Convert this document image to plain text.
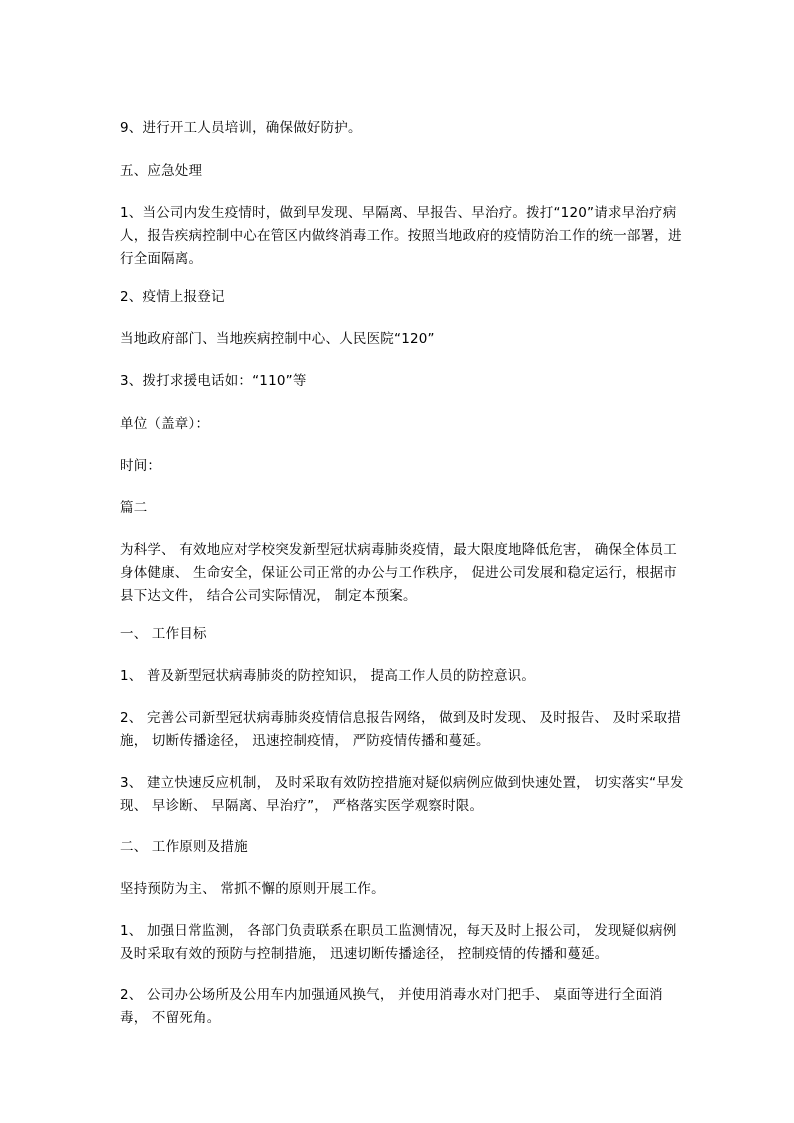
9、进行开工人员培训，确保做好防护。

五、应急处理

1、当公司内发生疫情时，做到早发现、早隔离、早报告、早治疗。拨打“120”请求早治疗病人，报告疾病控制中心在管区内做终消毒工作。按照当地政府的疫情防治工作的统一部署，进行全面隔离。

2、疫情上报登记

当地政府部门、当地疾病控制中心、人民医院“120”

3、拨打求援电话如：“110”等

单位（盖章）：

时间：

篇二

为科学、 有效地应对学校突发新型冠状病毒肺炎疫情，最大限度地降低危害， 确保全体员工身体健康、 生命安全，保证公司正常的办公与工作秩序， 促进公司发展和稳定运行，根据市县下达文件， 结合公司实际情况， 制定本预案。

一、 工作目标

1、 普及新型冠状病毒肺炎的防控知识， 提高工作人员的防控意识。

2、 完善公司新型冠状病毒肺炎疫情信息报告网络， 做到及时发现、 及时报告、 及时采取措施， 切断传播途径， 迅速控制疫情， 严防疫情传播和蔓延。

3、 建立快速反应机制， 及时采取有效防控措施对疑似病例应做到快速处置， 切实落实“早发现、 早诊断、 早隔离、早治疗”， 严格落实医学观察时限。

二、 工作原则及措施

坚持预防为主、 常抓不懈的原则开展工作。

1、 加强日常监测， 各部门负责联系在职员工监测情况，每天及时上报公司， 发现疑似病例及时采取有效的预防与控制措施， 迅速切断传播途径， 控制疫情的传播和蔓延。

2、 公司办公场所及公用车内加强通风换气， 并使用消毒水对门把手、 桌面等进行全面消毒， 不留死角。
